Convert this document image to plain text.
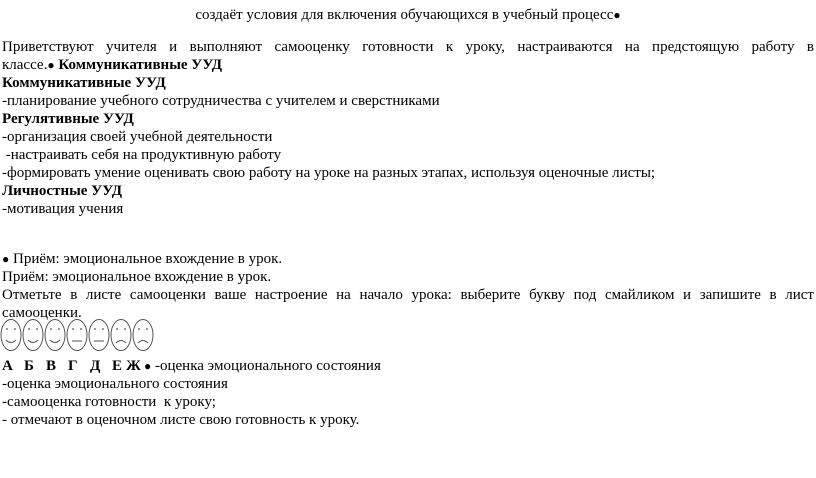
создаёт условия для включения обучающихся в учебный процесс●
Приветствуют учителя и выполняют самооценку готовности к уроку, настраиваются на предстоящую работу в
классе.● Коммуникативные УУД
Коммуникативные УУД
-планирование учебного сотрудничества с учителем и сверстниками
Регулятивные УУД
-организация своей учебной деятельности
-настраивать себя на продуктивную работу
-формировать умение оценивать свою работу на уроке на разных этапах, используя оценочные листы;
Личностные УУД
-мотивация учения
● Приём: эмоциональное вхождение в урок.
Приём: эмоциональное вхождение в урок.
Отметьте в листе самооценки ваше настроение на начало урока: выберите букву под смайликом и запишите в лист
самооценки.
А Б В Г Д Е Ж ● -оценка эмоционального состояния
-оценка эмоционального состояния
-самооценка готовности  к уроку;
- отмечают в оценочном листе свою готовность к уроку.
